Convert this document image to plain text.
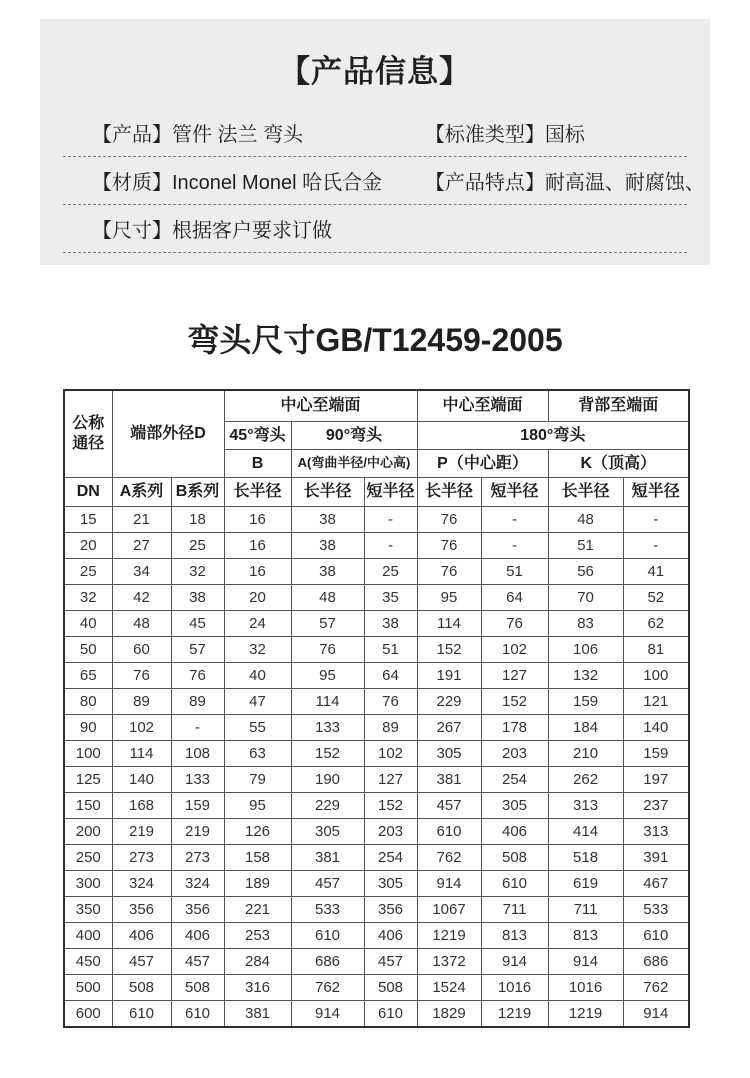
【产品信息】
【产品】管件 法兰 弯头	【标准类型】国标
【材质】Inconel Monel 哈氏合金	【产品特点】耐高温、耐腐蚀、
【尺寸】根据客户要求订做
弯头尺寸GB/T12459-2005
公称通径	端部外径D		中心至端面			中心至端面		背部至端面	
			45°弯头	90°弯头		180°弯头			
			B	A(弯曲半径/中心高)		P（中心距）		K（顶高）	
DN	A系列	B系列	长半径	长半径	短半径	长半径	短半径	长半径	短半径
15	21	18	16	38	-	76	-	48	-
20	27	25	16	38	-	76	-	51	-
25	34	32	16	38	25	76	51	56	41
32	42	38	20	48	35	95	64	70	52
40	48	45	24	57	38	114	76	83	62
50	60	57	32	76	51	152	102	106	81
65	76	76	40	95	64	191	127	132	100
80	89	89	47	114	76	229	152	159	121
90	102	-	55	133	89	267	178	184	140
100	114	108	63	152	102	305	203	210	159
125	140	133	79	190	127	381	254	262	197
150	168	159	95	229	152	457	305	313	237
200	219	219	126	305	203	610	406	414	313
250	273	273	158	381	254	762	508	518	391
300	324	324	189	457	305	914	610	619	467
350	356	356	221	533	356	1067	711	711	533
400	406	406	253	610	406	1219	813	813	610
450	457	457	284	686	457	1372	914	914	686
500	508	508	316	762	508	1524	1016	1016	762
600	610	610	381	914	610	1829	1219	1219	914
